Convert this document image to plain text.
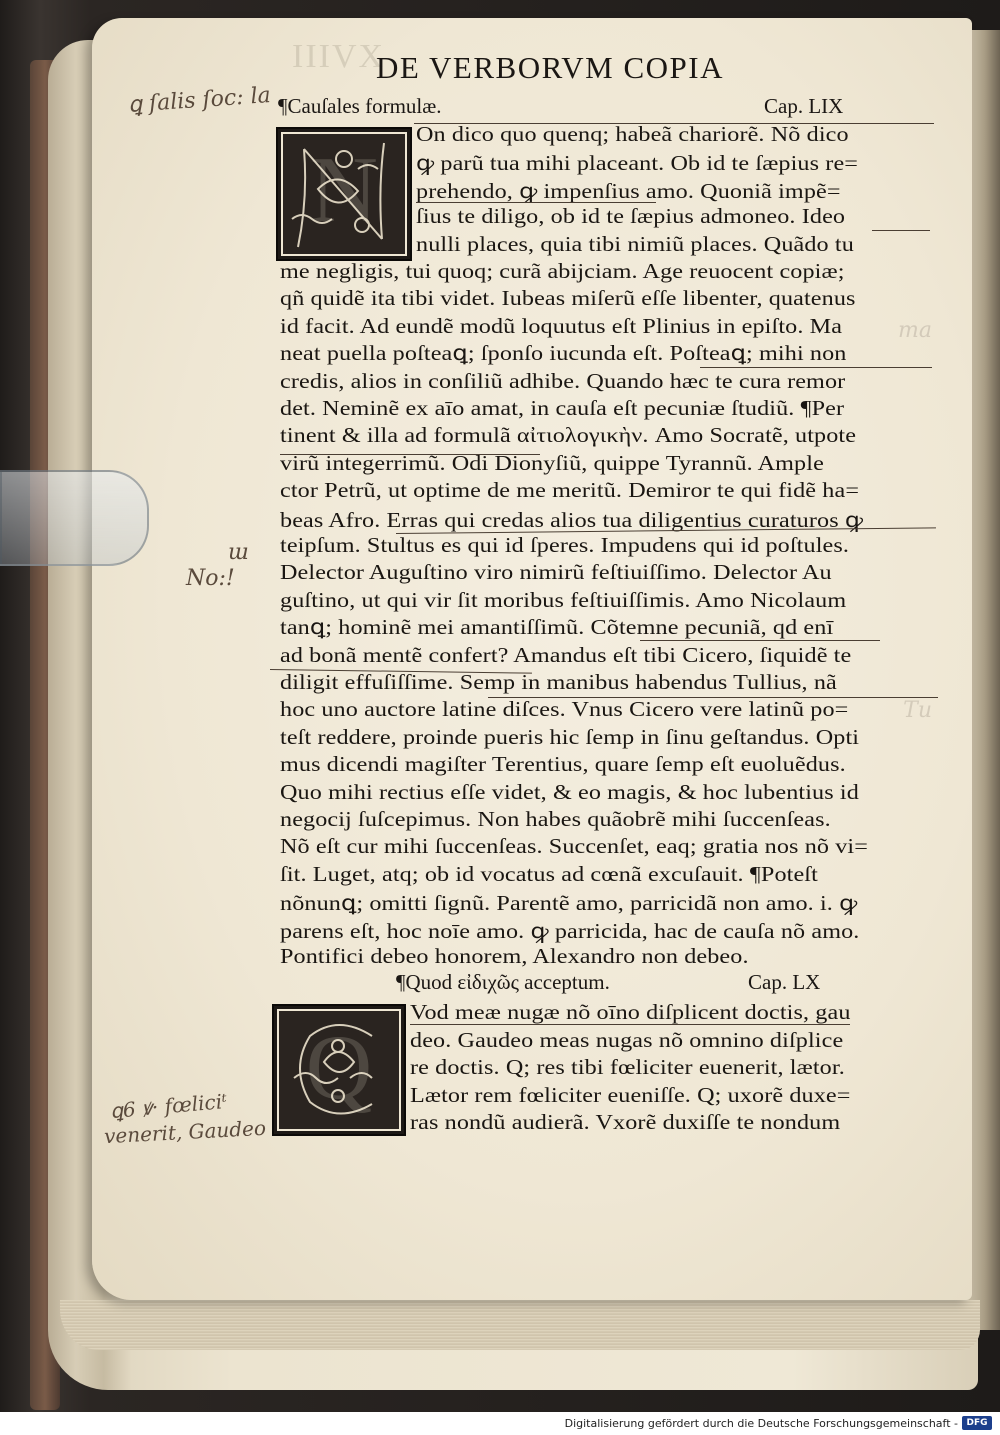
IIIVX
ma
Tu
DE VERBORVM COPIA
¶Cauſales formulæ.	Cap. LIX
N
On dico quo quenq; habeã chariorẽ. Nõ dico
ꝙ parũ tua mihi placeant. Ob id te ſæpius re=
prehendo, ꝙ impenſius amo. Quoniã impẽ=
ſius te diligo, ob id te ſæpius admoneo. Ideo
nulli places, quia tibi nimiũ places. Quãdo tu
me negligis, tui quoq; curã abijciam. Age reuocent copiæ;
qñ quidẽ ita tibi videt. Iubeas miſerũ eſſe libenter, quatenus
id facit. Ad eundẽ modũ loquutus eſt Plinius in epiſto. Ma
neat puella poſteaꝗ; ſponſo iucunda eſt. Poſteaꝗ; mihi non
credis, alios in conſiliũ adhibe. Quando hæc te cura remor
det. Neminẽ ex aīo amat, in cauſa eſt pecuniæ ſtudiũ. ¶Per
tinent & illa ad formulã αἰτιολογικὴν. Amo Socratẽ, utpote
virũ integerrimũ. Odi Dionyſiũ, quippe Tyrannũ. Ample
ctor Petrũ, ut optime de me meritũ. Demiror te qui fidẽ ha=
beas Afro. Erras qui credas alios tua diligentius curaturos ꝙ
teipſum. Stultus es qui id ſperes. Impudens qui id poſtules.
Delector Auguſtino viro nimirũ feſtiuiſſimo. Delector Au
guſtino, ut qui vir ſit moribus feſtiuiſſimis. Amo Nicolaum
tanꝗ; hominẽ mei amantiſſimũ. Cõtemne pecuniã, qd enī
ad bonã mentẽ confert? Amandus eſt tibi Cicero, ſiquidẽ te
diligit effuſiſſime. Semp in manibus habendus Tullius, nã
hoc uno auctore latine diſces. Vnus Cicero vere latinũ po=
teſt reddere, proinde pueris hic ſemp in ſinu geſtandus. Opti
mus dicendi magiſter Terentius, quare ſemp eſt euoluẽdus.
Quo mihi rectius eſſe videt, & eo magis, & hoc lubentius id
negocij ſuſcepimus. Non habes quãobrẽ mihi ſuccenſeas.
Nõ eſt cur mihi ſuccenſeas. Succenſet, eaq; gratia nos nõ vi=
ſit. Luget, atq; ob id vocatus ad cœnã excuſauit. ¶Poteſt
nõnunꝗ; omitti ſignũ. Parentẽ amo, parricidã non amo. i. ꝙ
parens eſt, hoc noīe amo. ꝙ parricida, hac de cauſa nõ amo.
Pontifici debeo honorem, Alexandro non debeo.
¶Quod εἰδιχῶς acceptum.	Cap. LX
Q
Vod meæ nugæ nõ oīno diſplicent doctis, gau
deo. Gaudeo meas nugas nõ omnino diſplice
re doctis. Q; res tibi fœliciter euenerit, lætor.
Lætor rem fœliciter eueniſſe. Q; uxorẽ duxe=
ras nondũ audierã. Vxorẽ duxiſſe te nondum
ꝗ ſalis ſoc: la
ɯ
No:!
ꝗ6 ꝟ· fœliciᵗ
venerit, Gaudeo
Digitalisierung gefördert durch die Deutsche Forschungsgemeinschaft - DFG
